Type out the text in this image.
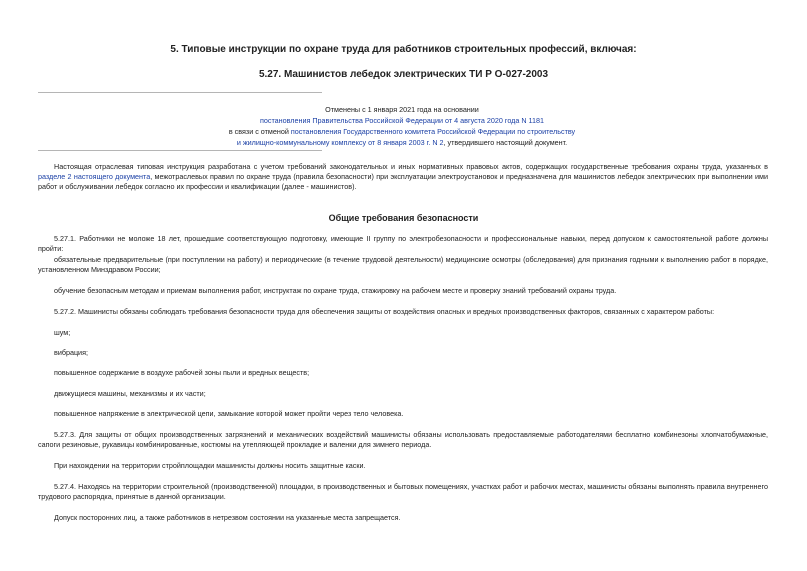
5. Типовые инструкции по охране труда для работников строительных профессий, включая:
5.27. Машинистов лебедок электрических ТИ Р О-027-2003
Отменены с 1 января 2021 года на основании
постановления Правительства Российской Федерации от 4 августа 2020 года N 1181
в связи с отменой постановления Государственного комитета Российской Федерации по строительству
и жилищно-коммунальному комплексу от 8 января 2003 г. N 2, утвердившего настоящий документ.

Настоящая отраслевая типовая инструкция разработана с учетом требований законодательных и иных нормативных правовых актов, содержащих государственные требования охраны труда, указанных в разделе 2 настоящего документа, межотраслевых правил по охране труда (правила безопасности) при эксплуатации электроустановок и предназначена для машинистов лебедок электрических при выполнении ими работ и обслуживании лебедок согласно их профессии и квалификации (далее - машинистов).

Общие требования безопасности

5.27.1. Работники не моложе 18 лет, прошедшие соответствующую подготовку, имеющие II группу по электробезопасности и профессиональные навыки, перед допуском к самостоятельной работе должны пройти:

обязательные предварительные (при поступлении на работу) и периодические (в течение трудовой деятельности) медицинские осмотры (обследования) для признания годными к выполнению работ в порядке, установленном Минздравом России;

обучение безопасным методам и приемам выполнения работ, инструктаж по охране труда, стажировку на рабочем месте и проверку знаний требований охраны труда.

5.27.2. Машинисты обязаны соблюдать требования безопасности труда для обеспечения защиты от воздействия опасных и вредных производственных факторов, связанных с характером работы:

шум;

вибрация;

повышенное содержание в воздухе рабочей зоны пыли и вредных веществ;

движущиеся машины, механизмы и их части;

повышенное напряжение в электрической цепи, замыкание которой может пройти через тело человека.

5.27.3. Для защиты от общих производственных загрязнений и механических воздействий машинисты обязаны использовать предоставляемые работодателями бесплатно комбинезоны хлопчатобумажные, сапоги резиновые, рукавицы комбинированные, костюмы на утепляющей прокладке и валенки для зимнего периода.

При нахождении на территории стройплощадки машинисты должны носить защитные каски.

5.27.4. Находясь на территории строительной (производственной) площадки, в производственных и бытовых помещениях, участках работ и рабочих местах, машинисты обязаны выполнять правила внутреннего трудового распорядка, принятые в данной организации.

Допуск посторонних лиц, а также работников в нетрезвом состоянии на указанные места запрещается.
